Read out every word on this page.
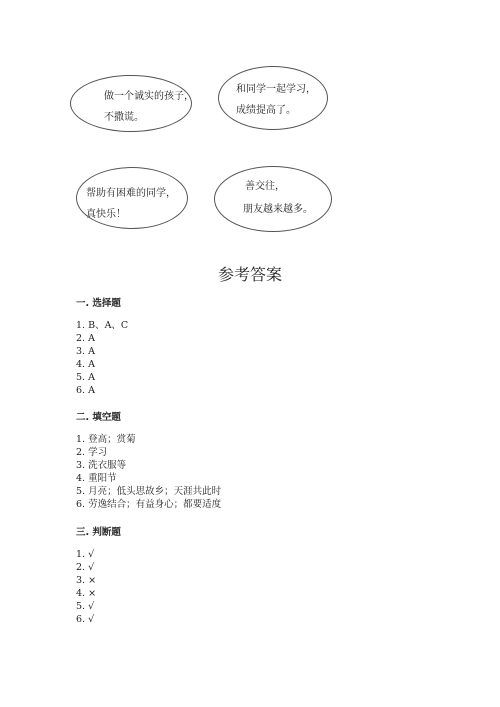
做一个诚实的孩子，
不撒谎。
和同学一起学习，
成绩提高了。
帮助有困难的同学，
真快乐！
善交往，
朋友越来越多。
参考答案
一. 选择题
1. B、A、C
2. A
3. A
4. A
5. A
6. A
二. 填空题
1. 登高；赏菊
2. 学习
3. 洗衣服等
4. 重阳节
5. 月亮；低头思故乡；天涯共此时
6. 劳逸结合；有益身心；都要适度
三. 判断题
1. √
2. √
3. ×
4. ×
5. √
6. √
